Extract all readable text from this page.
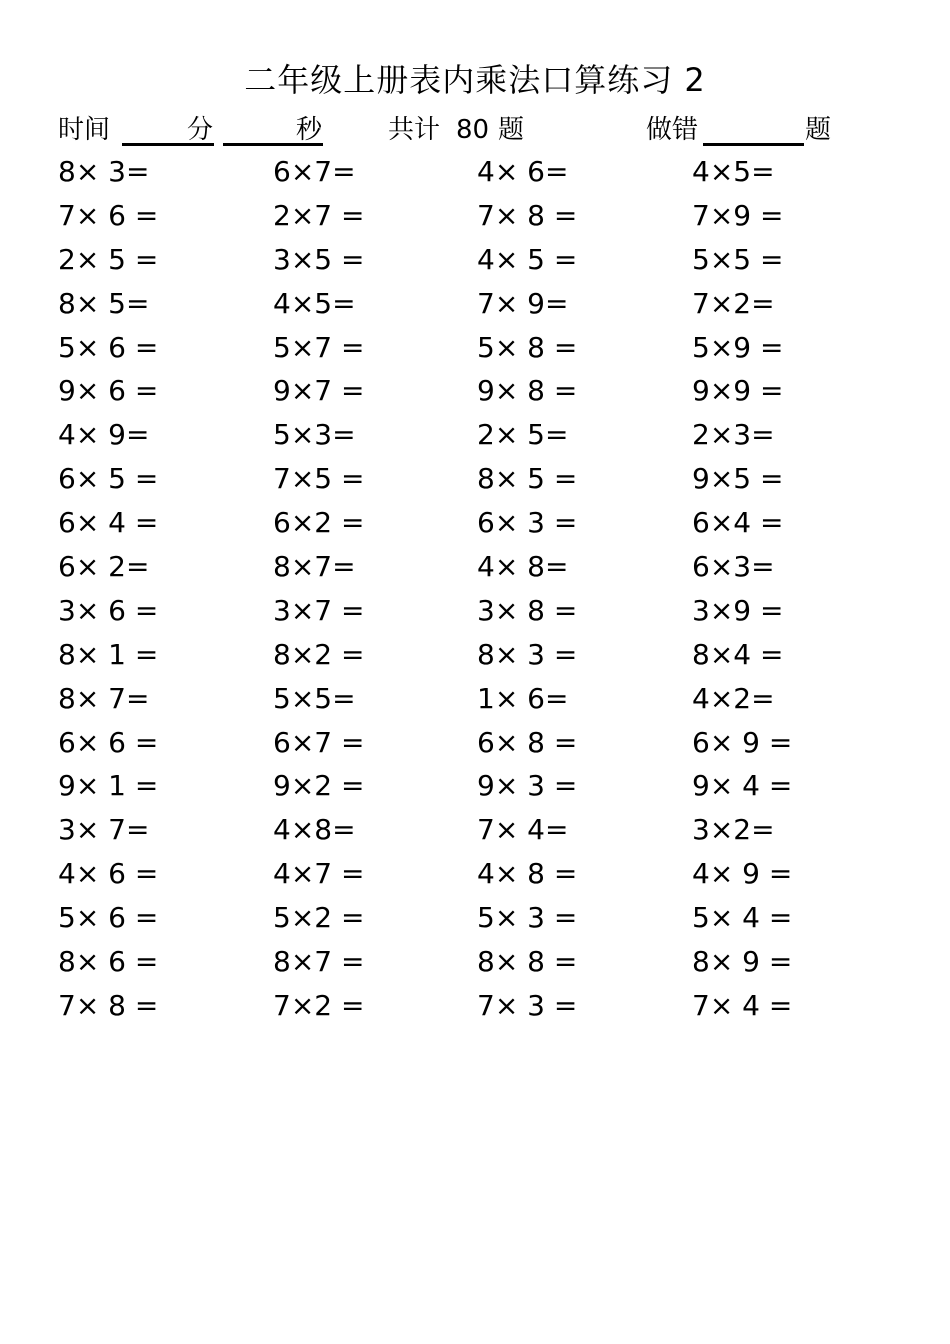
二年级上册表内乘法口算练习 2
时间	分	秒	共计 80 题	做错	题
8× 3=	6×7=	4× 6=	4×5=
7× 6 =	2×7 =	7× 8 =	7×9 =
2× 5 =	3×5 =	4× 5 =	5×5 =
8× 5=	4×5=	7× 9=	7×2=
5× 6 =	5×7 =	5× 8 =	5×9 =
9× 6 =	9×7 =	9× 8 =	9×9 =
4× 9=	5×3=	2× 5=	2×3=
6× 5 =	7×5 =	8× 5 =	9×5 =
6× 4 =	6×2 =	6× 3 =	6×4 =
6× 2=	8×7=	4× 8=	6×3=
3× 6 =	3×7 =	3× 8 =	3×9 =
8× 1 =	8×2 =	8× 3 =	8×4 =
8× 7=	5×5=	1× 6=	4×2=
6× 6 =	6×7 =	6× 8 =	6× 9 =
9× 1 =	9×2 =	9× 3 =	9× 4 =
3× 7=	4×8=	7× 4=	3×2=
4× 6 =	4×7 =	4× 8 =	4× 9 =
5× 6 =	5×2 =	5× 3 =	5× 4 =
8× 6 =	8×7 =	8× 8 =	8× 9 =
7× 8 =	7×2 =	7× 3 =	7× 4 =
